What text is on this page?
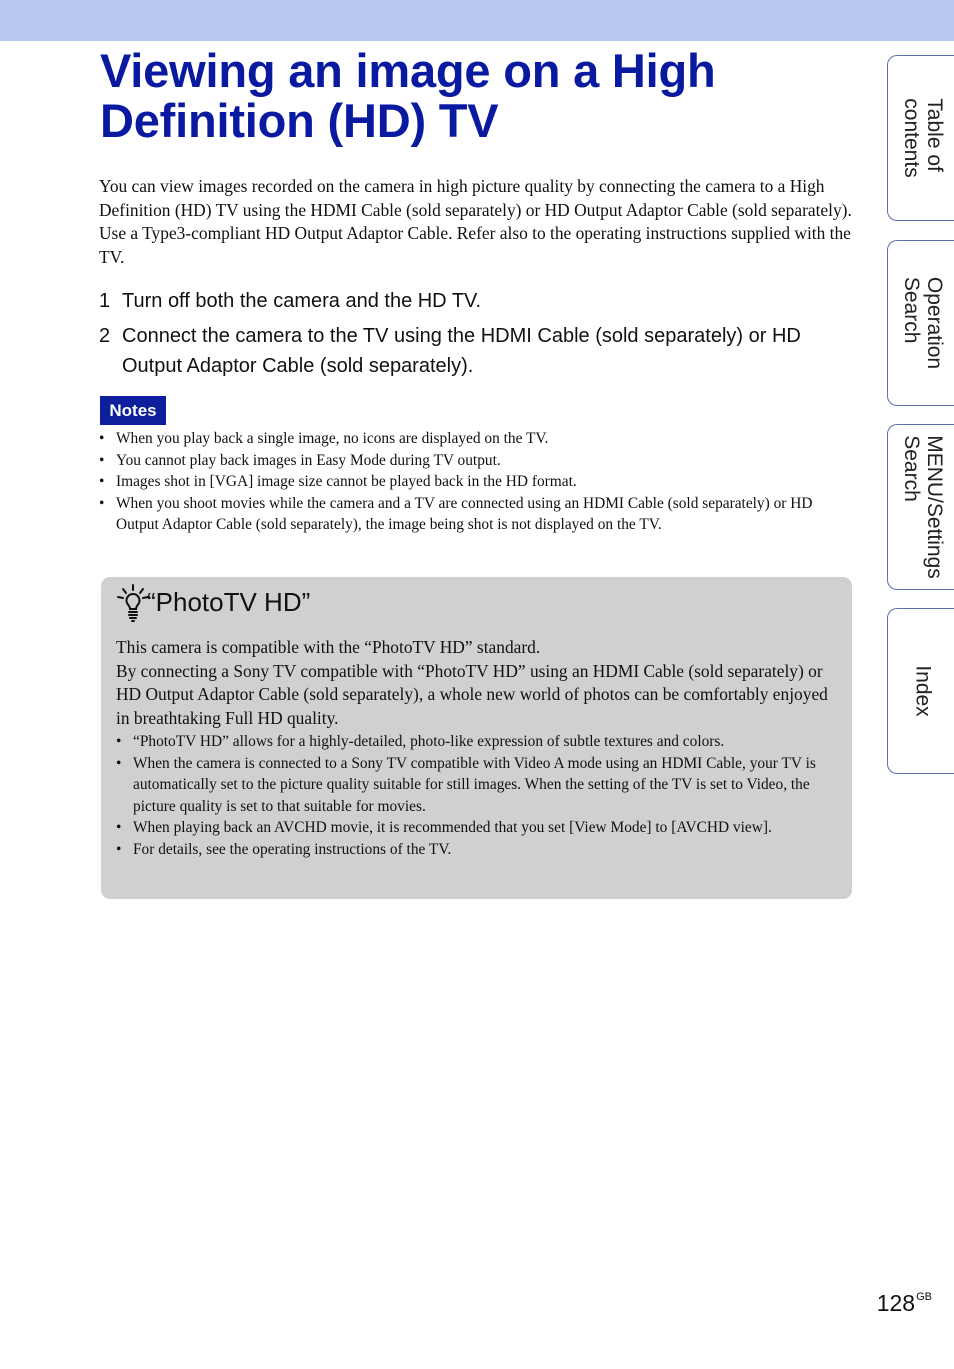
Viewing an image on a High Definition (HD) TV

You can view images recorded on the camera in high picture quality by connecting the camera to a High Definition (HD) TV using the HDMI Cable (sold separately) or HD Output Adaptor Cable (sold separately). Use a Type3-compliant HD Output Adaptor Cable. Refer also to the operating instructions supplied with the TV.

1 Turn off both the camera and the HD TV.
2 Connect the camera to the TV using the HDMI Cable (sold separately) or HD Output Adaptor Cable (sold separately).
Notes
• When you play back a single image, no icons are displayed on the TV.
• You cannot play back images in Easy Mode during TV output.
• Images shot in [VGA] image size cannot be played back in the HD format.
• When you shoot movies while the camera and a TV are connected using an HDMI Cable (sold separately) or HD Output Adaptor Cable (sold separately), the image being shot is not displayed on the TV.
“PhotoTV HD”

This camera is compatible with the “PhotoTV HD” standard.

By connecting a Sony TV compatible with “PhotoTV HD” using an HDMI Cable (sold separately) or HD Output Adaptor Cable (sold separately), a whole new world of photos can be comfortably enjoyed in breathtaking Full HD quality.

• “PhotoTV HD” allows for a highly-detailed, photo-like expression of subtle textures and colors.
• When the camera is connected to a Sony TV compatible with Video A mode using an HDMI Cable, your TV is automatically set to the picture quality suitable for still images. When the setting of the TV is set to Video, the picture quality is set to that suitable for movies.
• When playing back an AVCHD movie, it is recommended that you set [View Mode] to [AVCHD view].
• For details, see the operating instructions of the TV.
Table of
contents
Operation
Search
MENU/Settings
Search
Index
$128^{GB}$
